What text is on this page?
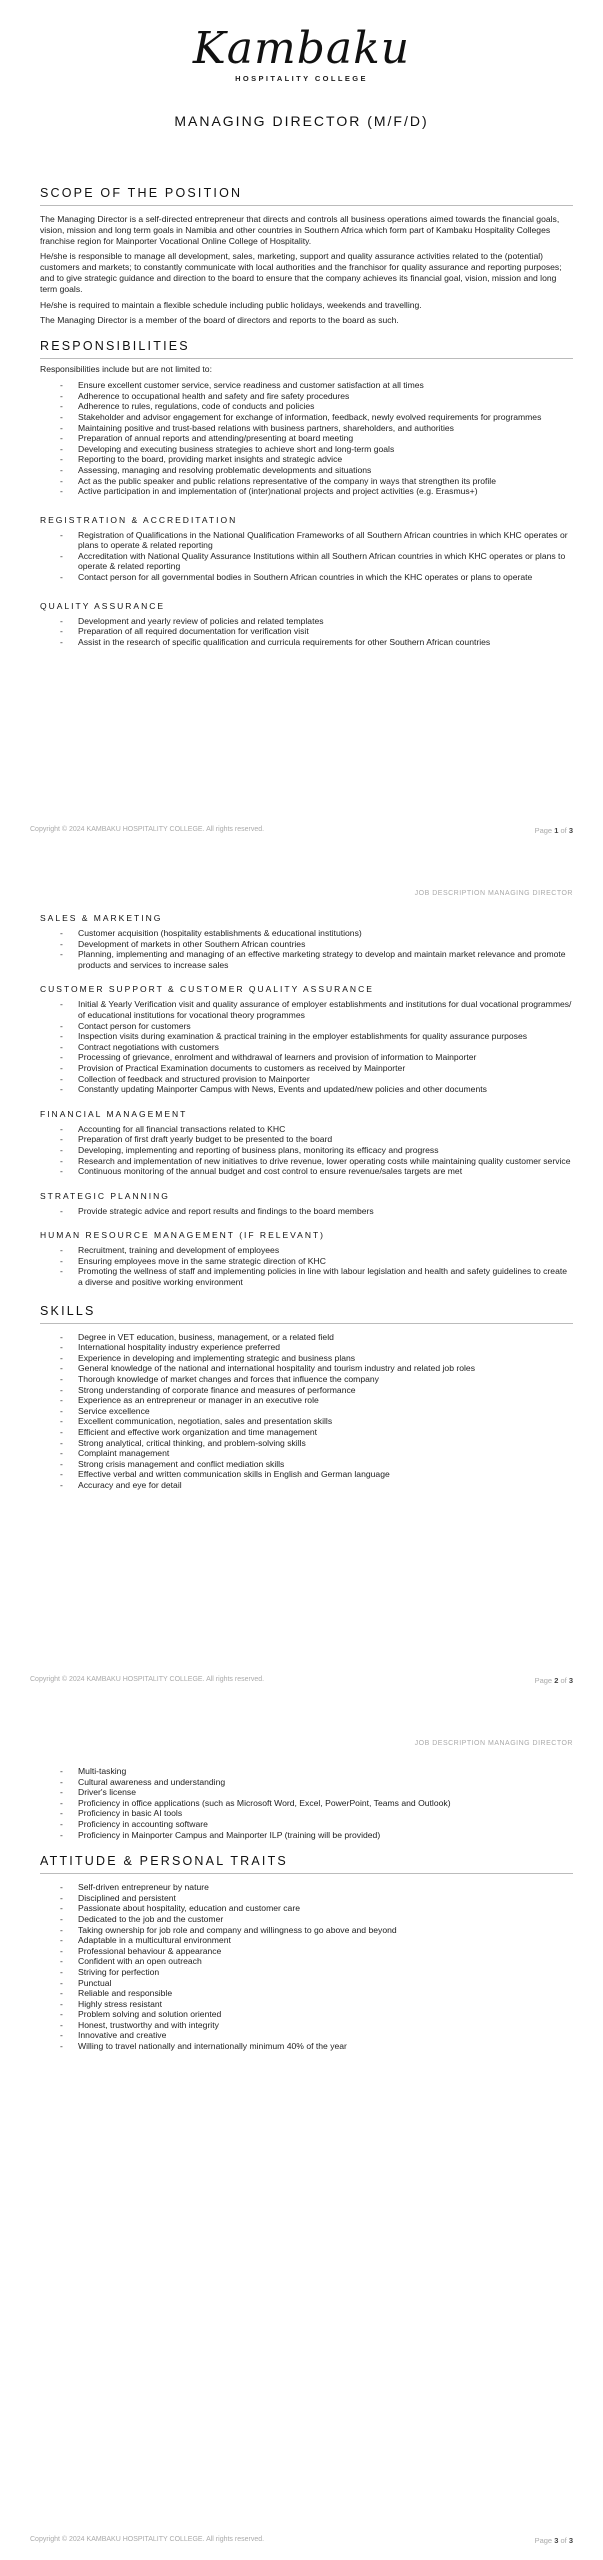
Kambaku
HOSPITALITY COLLEGE
MANAGING DIRECTOR (M/F/D)
SCOPE OF THE POSITION

The Managing Director is a self-directed entrepreneur that directs and controls all business operations aimed towards the financial goals, vision, mission and long term goals in Namibia and other countries in Southern Africa which form part of Kambaku Hospitality Colleges franchise region for Mainporter Vocational Online College of Hospitality.

He/she is responsible to manage all development, sales, marketing, support and quality assurance activities related to the (potential) customers and markets; to constantly communicate with local authorities and the franchisor for quality assurance and reporting purposes; and to give strategic guidance and direction to the board to ensure that the company achieves its financial goal, vision, mission and long term goals.

He/she is required to maintain a flexible schedule including public holidays, weekends and travelling.

The Managing Director is a member of the board of directors and reports to the board as such.

RESPONSIBILITIES
Responsibilities include but are not limited to:
- Ensure excellent customer service, service readiness and customer satisfaction at all times
- Adherence to occupational health and safety and fire safety procedures
- Adherence to rules, regulations, code of conducts and policies
- Stakeholder and advisor engagement for exchange of information, feedback, newly evolved requirements for programmes
- Maintaining positive and trust-based relations with business partners, shareholders, and authorities
- Preparation of annual reports and attending/presenting at board meeting
- Developing and executing business strategies to achieve short and long-term goals
- Reporting to the board, providing market insights and strategic advice
- Assessing, managing and resolving problematic developments and situations
- Act as the public speaker and public relations representative of the company in ways that strengthen its profile
- Active participation in and implementation of (inter)national projects and project activities (e.g. Erasmus+)
REGISTRATION & ACCREDITATION
- Registration of Qualifications in the National Qualification Frameworks of all Southern African countries in which KHC operates or plans to operate & related reporting
- Accreditation with National Quality Assurance Institutions within all Southern African countries in which KHC operates or plans to operate & related reporting
- Contact person for all governmental bodies in Southern African countries in which the KHC operates or plans to operate
QUALITY ASSURANCE
- Development and yearly review of policies and related templates
- Preparation of all required documentation for verification visit
- Assist in the research of specific qualification and curricula requirements for other Southern African countries
Copyright © 2024 KAMBAKU HOSPITALITY COLLEGE. All rights reserved.	Page 1 of 3
JOB DESCRIPTION MANAGING DIRECTOR
SALES & MARKETING
- Customer acquisition (hospitality establishments & educational institutions)
- Development of markets in other Southern African countries
- Planning, implementing and managing of an effective marketing strategy to develop and maintain market relevance and promote products and services to increase sales
CUSTOMER SUPPORT & CUSTOMER QUALITY ASSURANCE
- Initial & Yearly Verification visit and quality assurance of employer establishments and institutions for dual vocational programmes/ of educational institutions for vocational theory programmes
- Contact person for customers
- Inspection visits during examination & practical training in the employer establishments for quality assurance purposes
- Contract negotiations with customers
- Processing of grievance, enrolment and withdrawal of learners and provision of information to Mainporter
- Provision of Practical Examination documents to customers as received by Mainporter
- Collection of feedback and structured provision to Mainporter
- Constantly updating Mainporter Campus with News, Events and updated/new policies and other documents
FINANCIAL MANAGEMENT
- Accounting for all financial transactions related to KHC
- Preparation of first draft yearly budget to be presented to the board
- Developing, implementing and reporting of business plans, monitoring its efficacy and progress
- Research and implementation of new initiatives to drive revenue, lower operating costs while maintaining quality customer service
- Continuous monitoring of the annual budget and cost control to ensure revenue/sales targets are met
STRATEGIC PLANNING
- Provide strategic advice and report results and findings to the board members
HUMAN RESOURCE MANAGEMENT (IF RELEVANT)
- Recruitment, training and development of employees
- Ensuring employees move in the same strategic direction of KHC
- Promoting the wellness of staff and implementing policies in line with labour legislation and health and safety guidelines to create a diverse and positive working environment
SKILLS
- Degree in VET education, business, management, or a related field
- International hospitality industry experience preferred
- Experience in developing and implementing strategic and business plans
- General knowledge of the national and international hospitality and tourism industry and related job roles
- Thorough knowledge of market changes and forces that influence the company
- Strong understanding of corporate finance and measures of performance
- Experience as an entrepreneur or manager in an executive role
- Service excellence
- Excellent communication, negotiation, sales and presentation skills
- Efficient and effective work organization and time management
- Strong analytical, critical thinking, and problem-solving skills
- Complaint management
- Strong crisis management and conflict mediation skills
- Effective verbal and written communication skills in English and German language
- Accuracy and eye for detail
Copyright © 2024 KAMBAKU HOSPITALITY COLLEGE. All rights reserved.	Page 2 of 3
JOB DESCRIPTION MANAGING DIRECTOR
- Multi-tasking
- Cultural awareness and understanding
- Driver's license
- Proficiency in office applications (such as Microsoft Word, Excel, PowerPoint, Teams and Outlook)
- Proficiency in basic AI tools
- Proficiency in accounting software
- Proficiency in Mainporter Campus and Mainporter ILP (training will be provided)
ATTITUDE & PERSONAL TRAITS
- Self-driven entrepreneur by nature
- Disciplined and persistent
- Passionate about hospitality, education and customer care
- Dedicated to the job and the customer
- Taking ownership for job role and company and willingness to go above and beyond
- Adaptable in a multicultural environment
- Professional behaviour & appearance
- Confident with an open outreach
- Striving for perfection
- Punctual
- Reliable and responsible
- Highly stress resistant
- Problem solving and solution oriented
- Honest, trustworthy and with integrity
- Innovative and creative
- Willing to travel nationally and internationally minimum 40% of the year
Copyright © 2024 KAMBAKU HOSPITALITY COLLEGE. All rights reserved.	Page 3 of 3
